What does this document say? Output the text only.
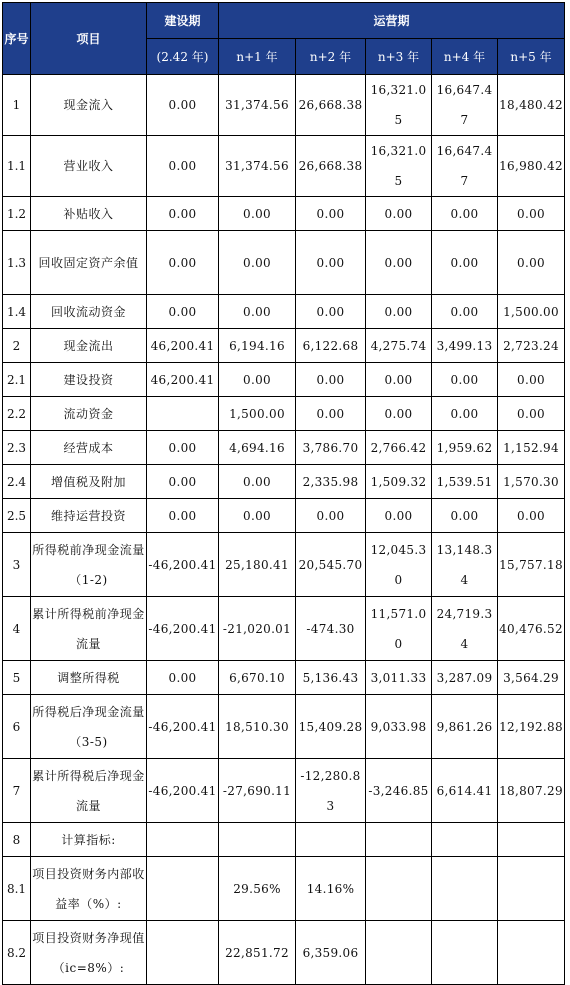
序号	项目	建设期	运营期				
		(2.42 年)	n+1 年	n+2 年	n+3 年	n+4 年	n+5 年
1	现金流入	0.00	31,374.56	26,668.38	16,321.05	16,647.47	18,480.42
1.1	营业收入	0.00	31,374.56	26,668.38	16,321.05	16,647.47	16,980.42
1.2	补贴收入	0.00	0.00	0.00	0.00	0.00	0.00
1.3	回收固定资产余值	0.00	0.00	0.00	0.00	0.00	0.00
1.4	回收流动资金	0.00	0.00	0.00	0.00	0.00	1,500.00
2	现金流出	46,200.41	6,194.16	6,122.68	4,275.74	3,499.13	2,723.24
2.1	建设投资	46,200.41	0.00	0.00	0.00	0.00	0.00
2.2	流动资金		1,500.00	0.00	0.00	0.00	0.00
2.3	经营成本	0.00	4,694.16	3,786.70	2,766.42	1,959.62	1,152.94
2.4	增值税及附加	0.00	0.00	2,335.98	1,509.32	1,539.51	1,570.30
2.5	维持运营投资	0.00	0.00	0.00	0.00	0.00	0.00
3	所得税前净现金流量（1-2)	-46,200.41	25,180.41	20,545.70	12,045.30	13,148.34	15,757.18
4	累计所得税前净现金流量	-46,200.41	-21,020.01	-474.30	11,571.00	24,719.34	40,476.52
5	调整所得税	0.00	6,670.10	5,136.43	3,011.33	3,287.09	3,564.29
6	所得税后净现金流量（3-5)	-46,200.41	18,510.30	15,409.28	9,033.98	9,861.26	12,192.88
7	累计所得税后净现金流量	-46,200.41	-27,690.11	-12,280.83	-3,246.85	6,614.41	18,807.29
8	计算指标:						
8.1	项目投资财务内部收益率（%）:		29.56%	14.16%			
8.2	项目投资财务净现值（ic=8%）:		22,851.72	6,359.06			
